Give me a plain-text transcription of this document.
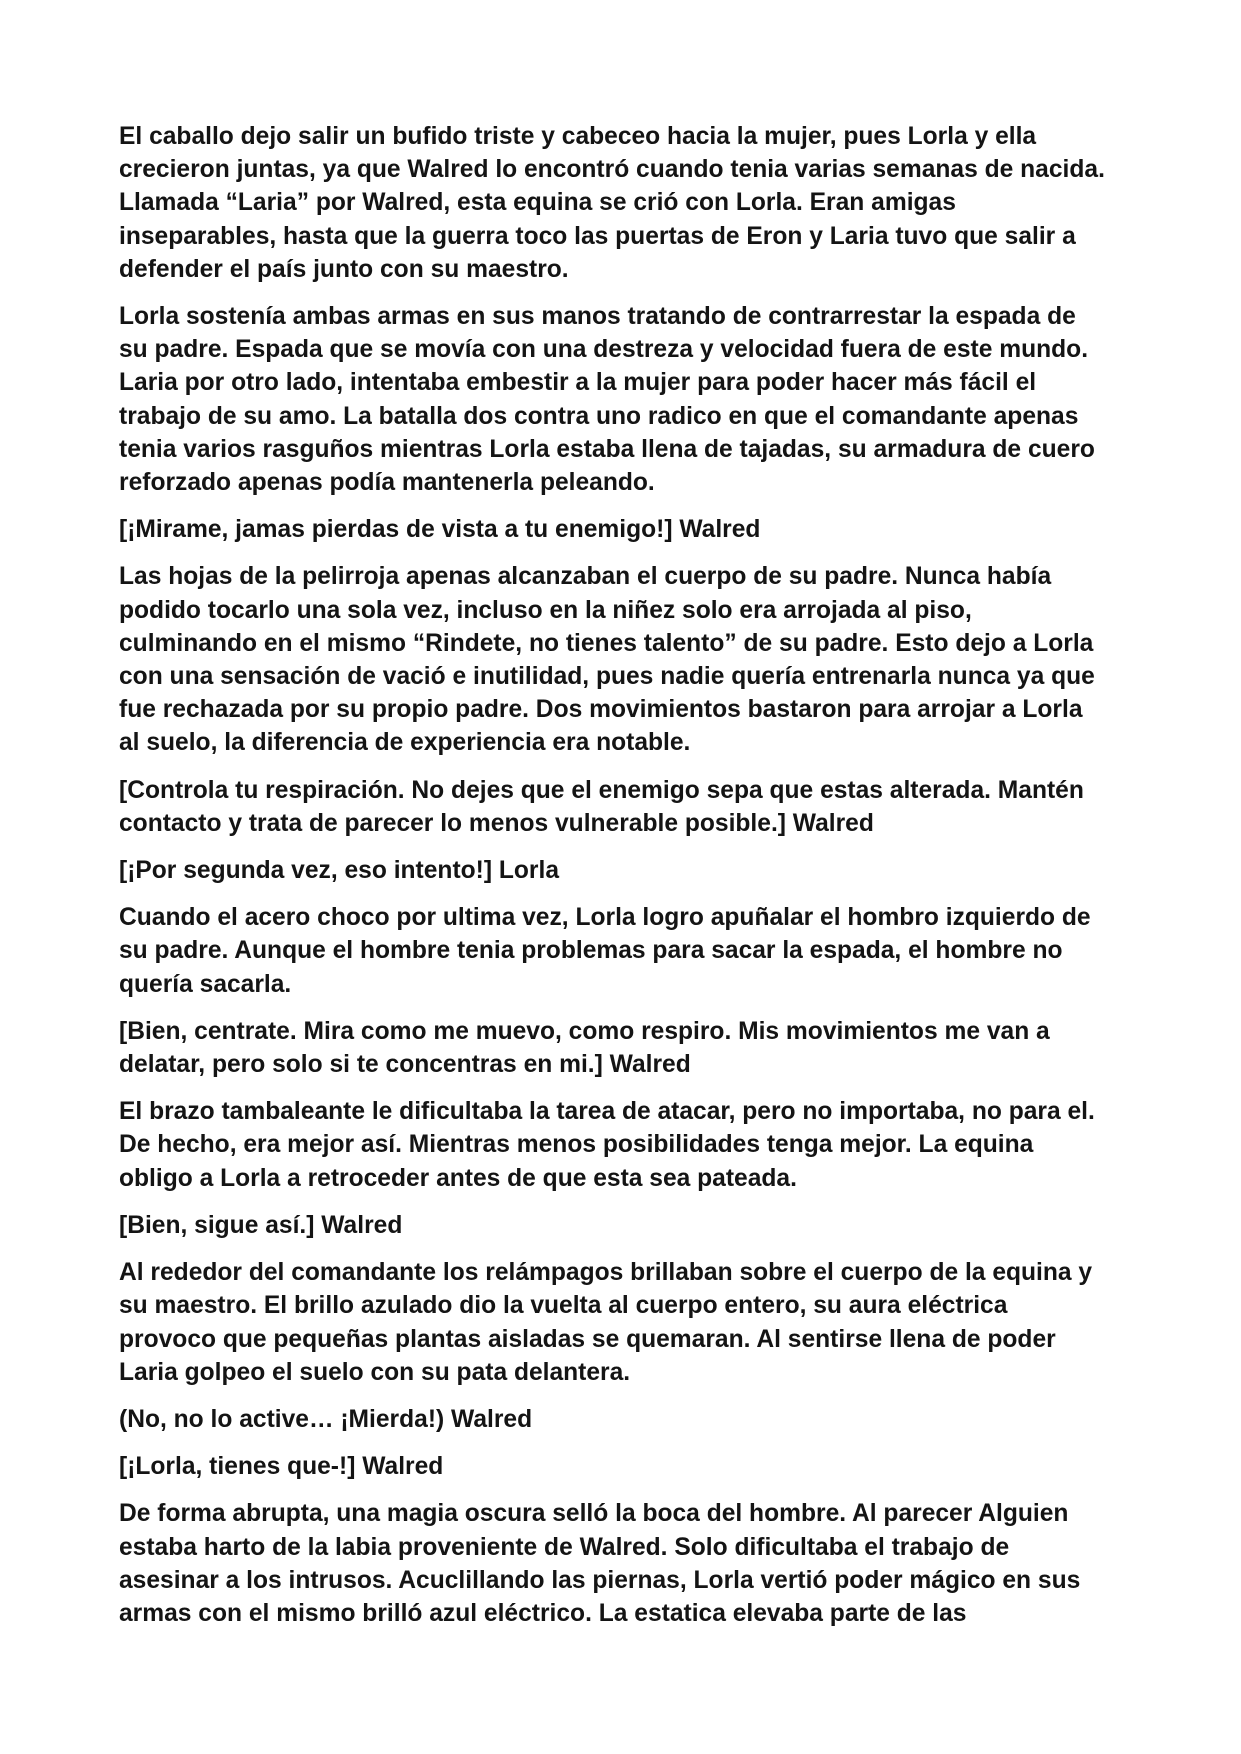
El caballo dejo salir un bufido triste y cabeceo hacia la mujer, pues Lorla y ella
crecieron juntas, ya que Walred lo encontró cuando tenia varias semanas de nacida.
Llamada “Laria” por Walred, esta equina se crió con Lorla. Eran amigas
inseparables, hasta que la guerra toco las puertas de Eron y Laria tuvo que salir a
defender el país junto con su maestro.

Lorla sostenía ambas armas en sus manos tratando de contrarrestar la espada de
su padre. Espada que se movía con una destreza y velocidad fuera de este mundo.
Laria por otro lado, intentaba embestir a la mujer para poder hacer más fácil el
trabajo de su amo. La batalla dos contra uno radico en que el comandante apenas
tenia varios rasguños mientras Lorla estaba llena de tajadas, su armadura de cuero
reforzado apenas podía mantenerla peleando.

[¡Mirame, jamas pierdas de vista a tu enemigo!] Walred

Las hojas de la pelirroja apenas alcanzaban el cuerpo de su padre. Nunca había
podido tocarlo una sola vez, incluso en la niñez solo era arrojada al piso,
culminando en el mismo “Rindete, no tienes talento” de su padre. Esto dejo a Lorla
con una sensación de vació e inutilidad, pues nadie quería entrenarla nunca ya que
fue rechazada por su propio padre. Dos movimientos bastaron para arrojar a Lorla
al suelo, la diferencia de experiencia era notable.

[Controla tu respiración. No dejes que el enemigo sepa que estas alterada. Mantén
contacto y trata de parecer lo menos vulnerable posible.] Walred

[¡Por segunda vez, eso intento!] Lorla

Cuando el acero choco por ultima vez, Lorla logro apuñalar el hombro izquierdo de
su padre. Aunque el hombre tenia problemas para sacar la espada, el hombre no
quería sacarla.

[Bien, centrate. Mira como me muevo, como respiro. Mis movimientos me van a
delatar, pero solo si te concentras en mi.] Walred

El brazo tambaleante le dificultaba la tarea de atacar, pero no importaba, no para el.
De hecho, era mejor así. Mientras menos posibilidades tenga mejor. La equina
obligo a Lorla a retroceder antes de que esta sea pateada.

[Bien, sigue así.] Walred

Al rededor del comandante los relámpagos brillaban sobre el cuerpo de la equina y
su maestro. El brillo azulado dio la vuelta al cuerpo entero, su aura eléctrica
provoco que pequeñas plantas aisladas se quemaran. Al sentirse llena de poder
Laria golpeo el suelo con su pata delantera.

(No, no lo active… ¡Mierda!) Walred

[¡Lorla, tienes que-!] Walred

De forma abrupta, una magia oscura selló la boca del hombre. Al parecer Alguien
estaba harto de la labia proveniente de Walred. Solo dificultaba el trabajo de
asesinar a los intrusos. Acuclillando las piernas, Lorla vertió poder mágico en sus
armas con el mismo brilló azul eléctrico. La estatica elevaba parte de las
